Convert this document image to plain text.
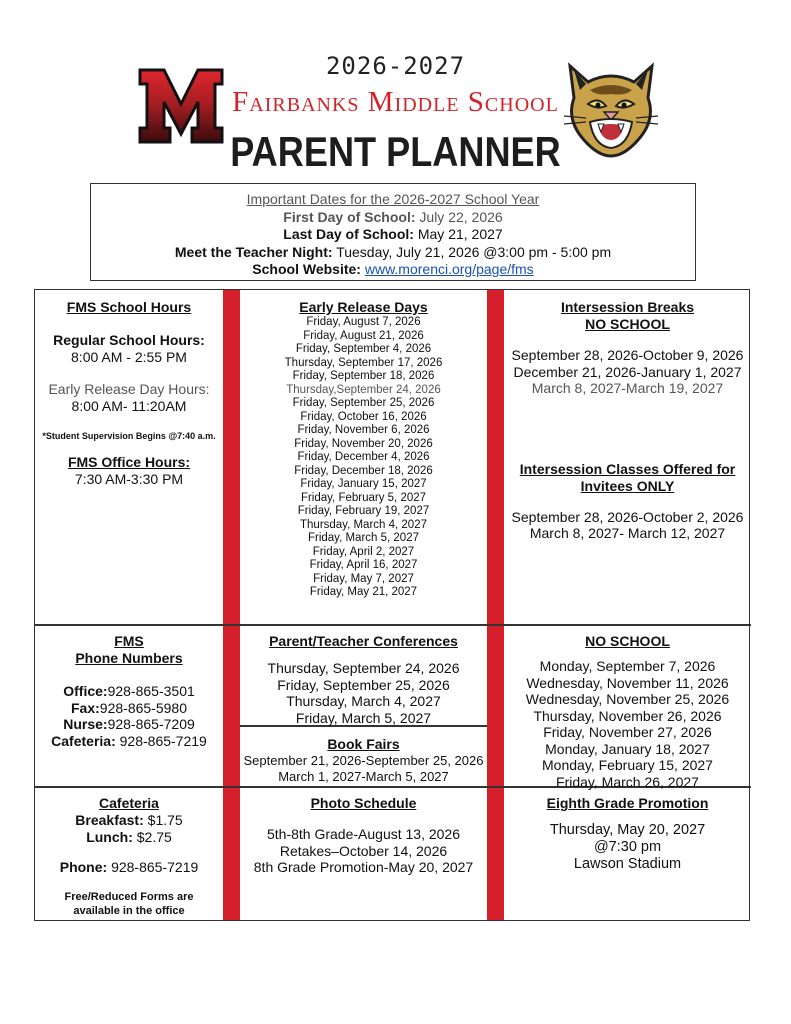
2026-2027
Fairbanks Middle School
PARENT PLANNER
Important Dates for the 2026-2027 School Year
First Day of School: July 22, 2026
Last Day of School: May 21, 2027
Meet the Teacher Night: Tuesday, July 21, 2026 @3:00 pm - 5:00 pm
School Website: www.morenci.org/page/fms
FMS School Hours
Regular School Hours:
8:00 AM - 2:55 PM
Early Release Day Hours:
8:00 AM- 11:20AM
*Student Supervision Begins @7:40 a.m.
FMS Office Hours:
7:30 AM-3:30 PM
Early Release Days
Friday, August 7, 2026
Friday, August 21, 2026
Friday, September 4, 2026
Thursday, September 17, 2026
Friday, September 18, 2026
Thursday,September 24, 2026
Friday, September 25, 2026
Friday, October 16, 2026
Friday, November 6, 2026
Friday, November 20, 2026
Friday, December 4, 2026
Friday, December 18, 2026
Friday, January 15, 2027
Friday, February 5, 2027
Friday, February 19, 2027
Thursday, March 4, 2027
Friday, March 5, 2027
Friday, April 2, 2027
Friday, April 16, 2027
Friday, May 7, 2027
Friday, May 21, 2027
Intersession Breaks
NO SCHOOL
September 28, 2026-October 9, 2026
December 21, 2026-January 1, 2027
March 8, 2027-March 19, 2027
Intersession Classes Offered for
Invitees ONLY
September 28, 2026-October 2, 2026
March 8, 2027- March 12, 2027
FMS
Phone Numbers
Office:928-865-3501
Fax:928-865-5980
Nurse:928-865-7209
Cafeteria: 928-865-7219
Parent/Teacher Conferences
Thursday, September 24, 2026
Friday, September 25, 2026
Thursday, March 4, 2027
Friday, March 5, 2027
Book Fairs
September 21, 2026-September 25, 2026
March 1, 2027-March 5, 2027
NO SCHOOL
Monday, September 7, 2026
Wednesday, November 11, 2026
Wednesday, November 25, 2026
Thursday, November 26, 2026
Friday, November 27, 2026
Monday, January 18, 2027
Monday, February 15, 2027
Friday, March 26, 2027
Cafeteria
Breakfast: $1.75
Lunch: $2.75
Phone: 928-865-7219
Free/Reduced Forms are
available in the office
Photo Schedule
5th-8th Grade-August 13, 2026
Retakes–October 14, 2026
8th Grade Promotion-May 20, 2027
Eighth Grade Promotion
Thursday, May 20, 2027
@7:30 pm
Lawson Stadium
